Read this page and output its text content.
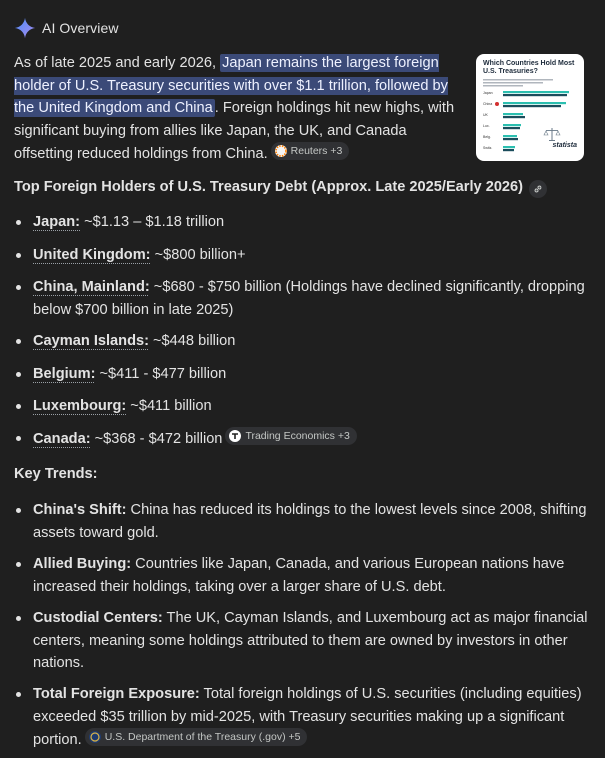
AI Overview
As of late 2025 and early 2026, Japan remains the largest foreign holder of U.S. Treasury securities with over $1.1 trillion, followed by the United Kingdom and China . Foreign holdings hit new highs, with significant buying from allies like Japan, the UK, and Canada offsetting reduced holdings from China. Reuters +3
Which Countries Hold Most U.S. Treasuries?
Japan
China
UK
Lux.
Belg.
Switz.	statista
Top Foreign Holders of U.S. Treasury Debt (Approx. Late 2025/Early 2026)
Japan: ~$1.13 – $1.18 trillion
United Kingdom: ~$800 billion+
China, Mainland: ~$680 - $750 billion (Holdings have declined significantly, dropping below $700 billion in late 2025)
Cayman Islands: ~$448 billion
Belgium: ~$411 - $477 billion
Luxembourg: ~$411 billion
Canada: ~$368 - $472 billion Trading Economics +3
Key Trends:
China's Shift: China has reduced its holdings to the lowest levels since 2008, shifting assets toward gold.
Allied Buying: Countries like Japan, Canada, and various European nations have increased their holdings, taking over a larger share of U.S. debt.
Custodial Centers: The UK, Cayman Islands, and Luxembourg act as major financial centers, meaning some holdings attributed to them are owned by investors in other nations.
Total Foreign Exposure: Total foreign holdings of U.S. securities (including equities) exceeded $35 trillion by mid-2025, with Treasury securities making up a significant portion. U.S. Department of the Treasury (.gov) +5
